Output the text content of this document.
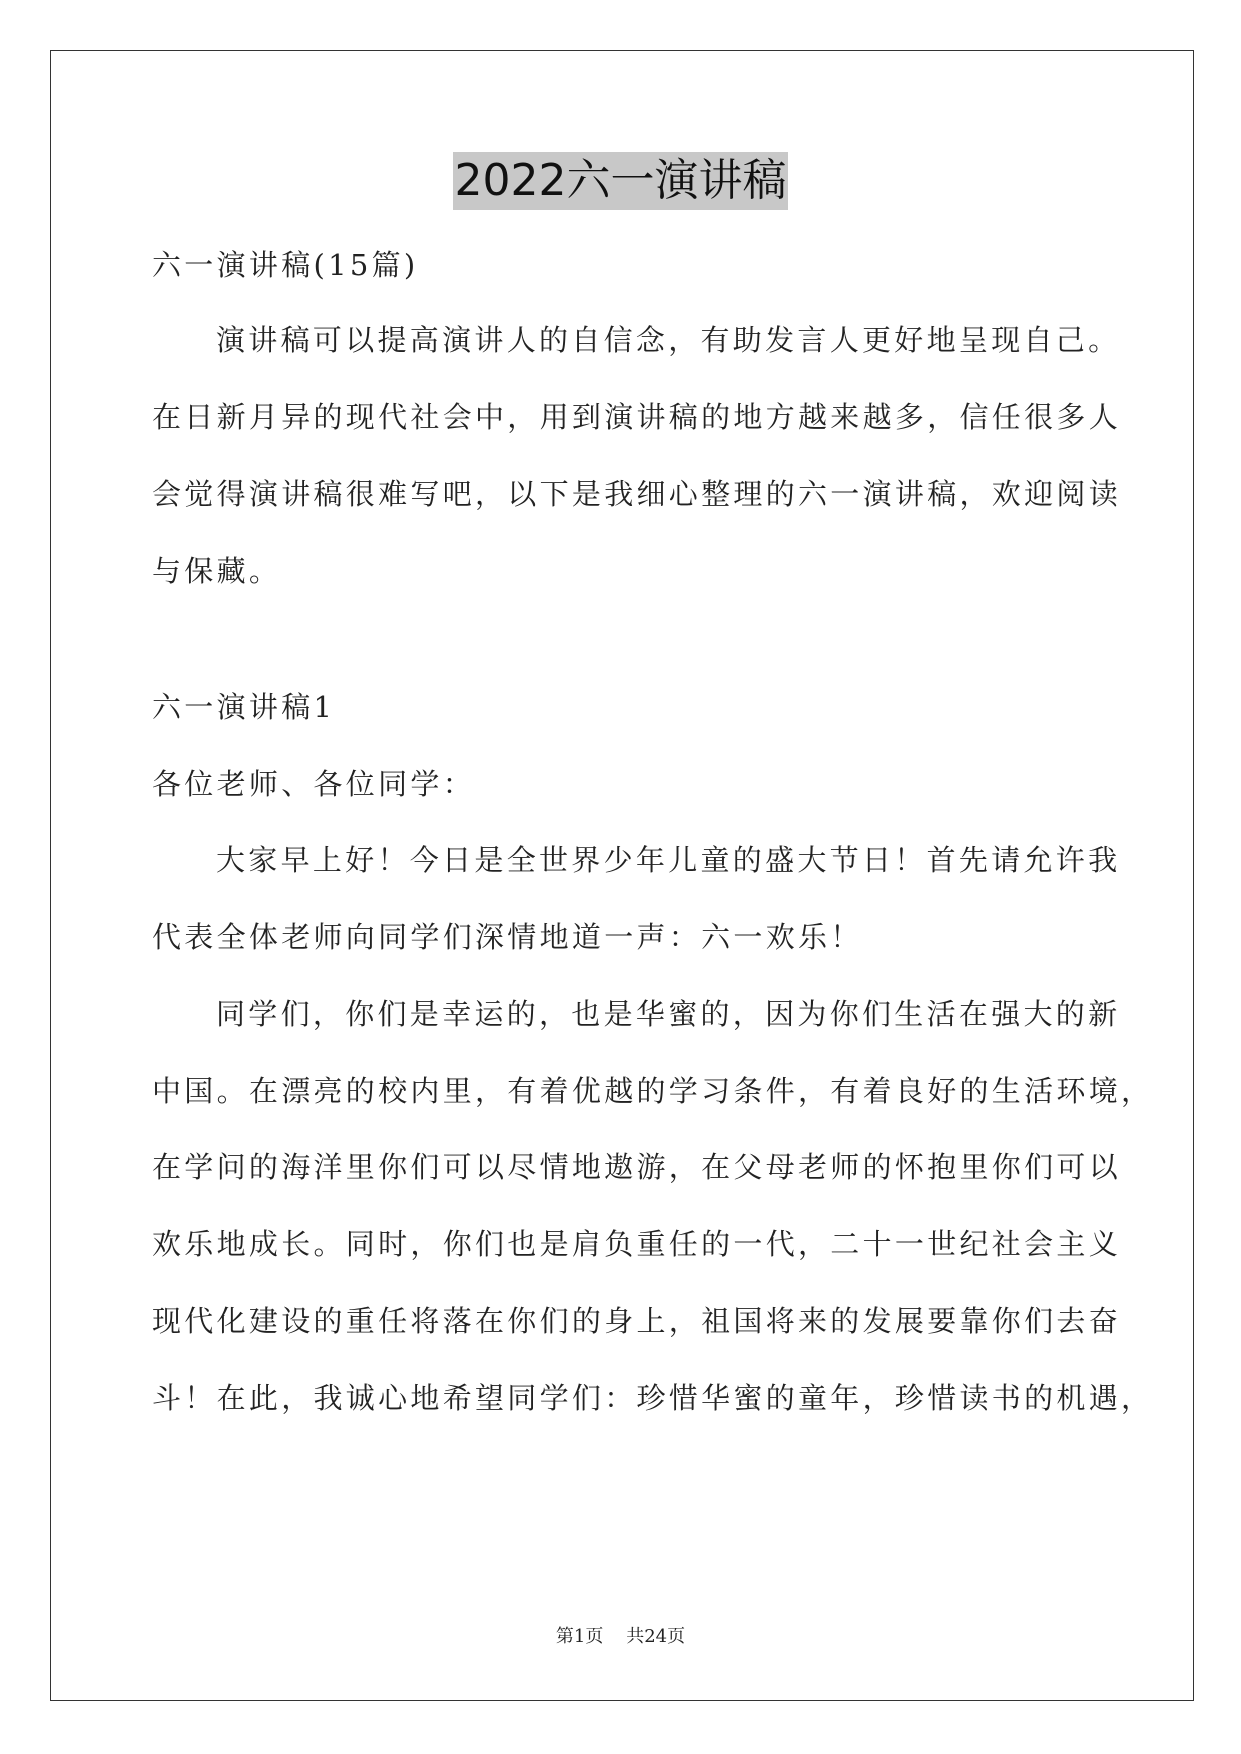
2022六一演讲稿

六一演讲稿(15篇)

演讲稿可以提高演讲人的自信念，有助发言人更好地呈现自己。

在日新月异的现代社会中，用到演讲稿的地方越来越多，信任很多人

会觉得演讲稿很难写吧，以下是我细心整理的六一演讲稿，欢迎阅读

与保藏。

六一演讲稿1

各位老师、各位同学：

大家早上好！今日是全世界少年儿童的盛大节日！首先请允许我

代表全体老师向同学们深情地道一声：六一欢乐！

同学们，你们是幸运的，也是华蜜的，因为你们生活在强大的新

中国。在漂亮的校内里，有着优越的学习条件，有着良好的生活环境，

在学问的海洋里你们可以尽情地遨游，在父母老师的怀抱里你们可以

欢乐地成长。同时，你们也是肩负重任的一代，二十一世纪社会主义

现代化建设的重任将落在你们的身上，祖国将来的发展要靠你们去奋

斗！在此，我诚心地希望同学们：珍惜华蜜的童年，珍惜读书的机遇，

第1页 共24页
